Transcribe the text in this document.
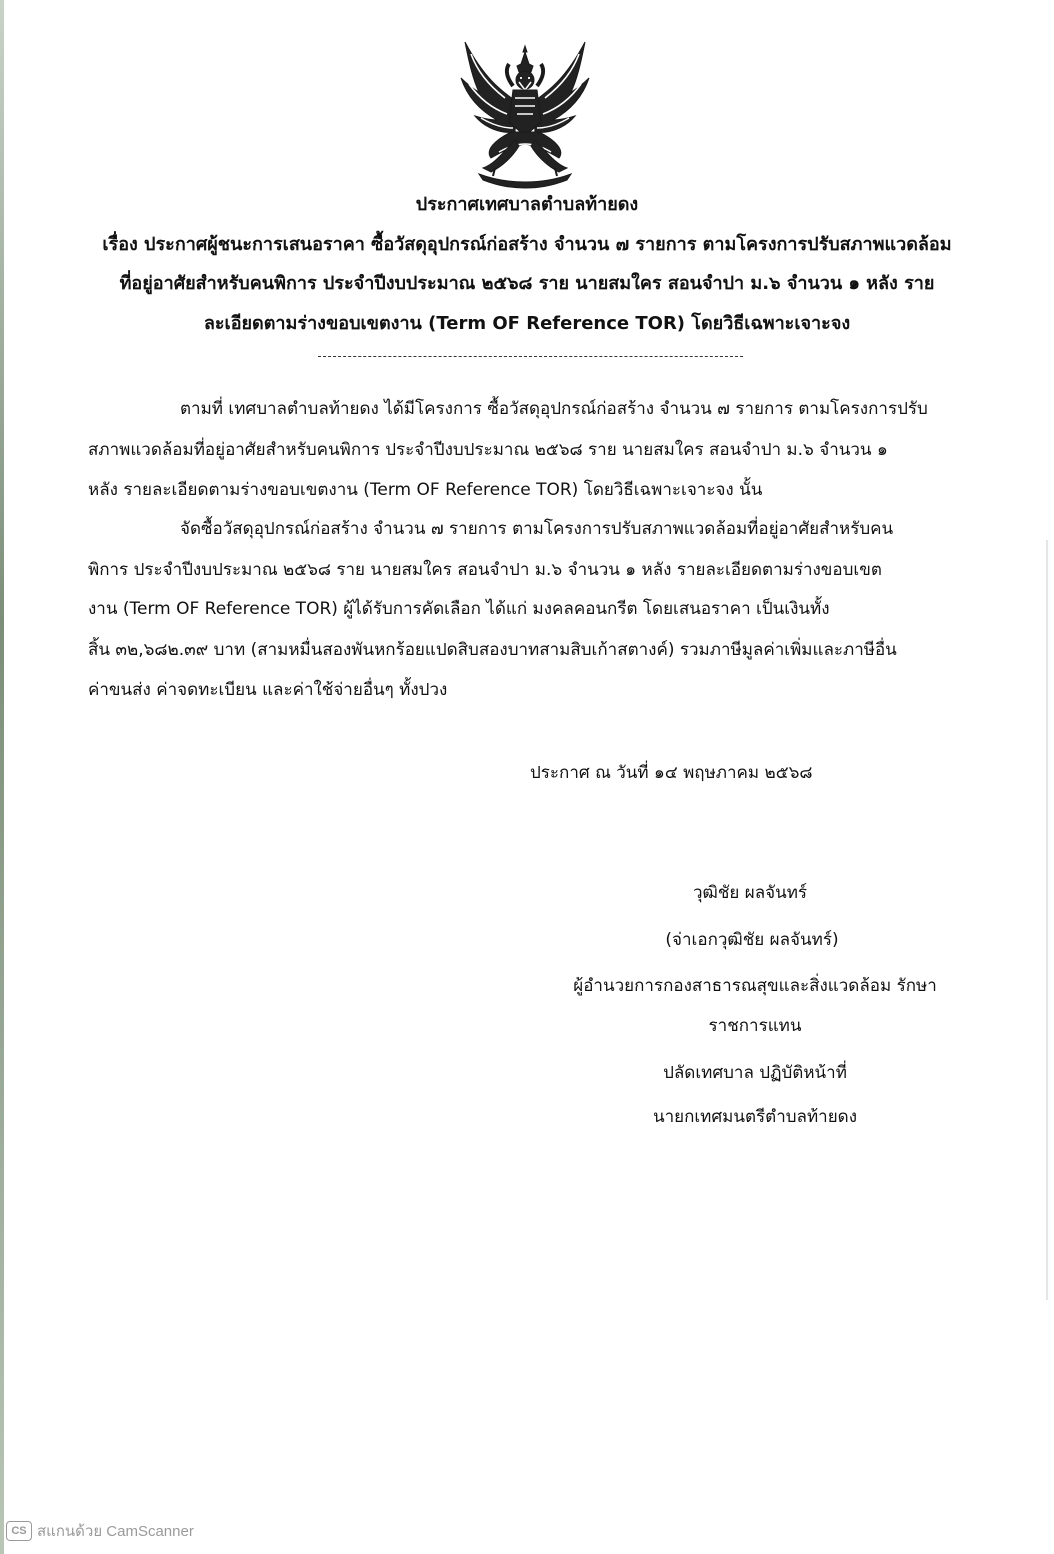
ประกาศเทศบาลตำบลท้ายดง
เรื่อง ประกาศผู้ชนะการเสนอราคา ซื้อวัสดุอุปกรณ์ก่อสร้าง จำนวน ๗ รายการ ตามโครงการปรับสภาพแวดล้อม
ที่อยู่อาศัยสำหรับคนพิการ ประจำปีงบประมาณ ๒๕๖๘ ราย นายสมใคร สอนจำปา ม.๖ จำนวน ๑ หลัง ราย
ละเอียดตามร่างขอบเขตงาน (Term OF Reference TOR) โดยวิธีเฉพาะเจาะจง
ตามที่ เทศบาลตำบลท้ายดง ได้มีโครงการ ซื้อวัสดุอุปกรณ์ก่อสร้าง จำนวน ๗ รายการ ตามโครงการปรับ
สภาพแวดล้อมที่อยู่อาศัยสำหรับคนพิการ ประจำปีงบประมาณ ๒๕๖๘ ราย นายสมใคร สอนจำปา ม.๖ จำนวน ๑
หลัง รายละเอียดตามร่างขอบเขตงาน (Term OF Reference TOR) โดยวิธีเฉพาะเจาะจง นั้น
จัดซื้อวัสดุอุปกรณ์ก่อสร้าง จำนวน ๗ รายการ ตามโครงการปรับสภาพแวดล้อมที่อยู่อาศัยสำหรับคน
พิการ ประจำปีงบประมาณ ๒๕๖๘ ราย นายสมใคร สอนจำปา ม.๖ จำนวน ๑ หลัง รายละเอียดตามร่างขอบเขต
งาน (Term OF Reference TOR) ผู้ได้รับการคัดเลือก ได้แก่ มงคลคอนกรีต โดยเสนอราคา เป็นเงินทั้ง
สิ้น ๓๒,๖๘๒.๓๙ บาท (สามหมื่นสองพันหกร้อยแปดสิบสองบาทสามสิบเก้าสตางค์) รวมภาษีมูลค่าเพิ่มและภาษีอื่น
ค่าขนส่ง ค่าจดทะเบียน และค่าใช้จ่ายอื่นๆ ทั้งปวง
ประกาศ ณ วันที่ ๑๔ พฤษภาคม ๒๕๖๘
วุฒิชัย ผลจันทร์
(จ่าเอกวุฒิชัย ผลจันทร์)
ผู้อำนวยการกองสาธารณสุขและสิ่งแวดล้อม รักษา
ราชการแทน
ปลัดเทศบาล ปฏิบัติหน้าที่
นายกเทศมนตรีตำบลท้ายดง
CS สแกนด้วย CamScanner
